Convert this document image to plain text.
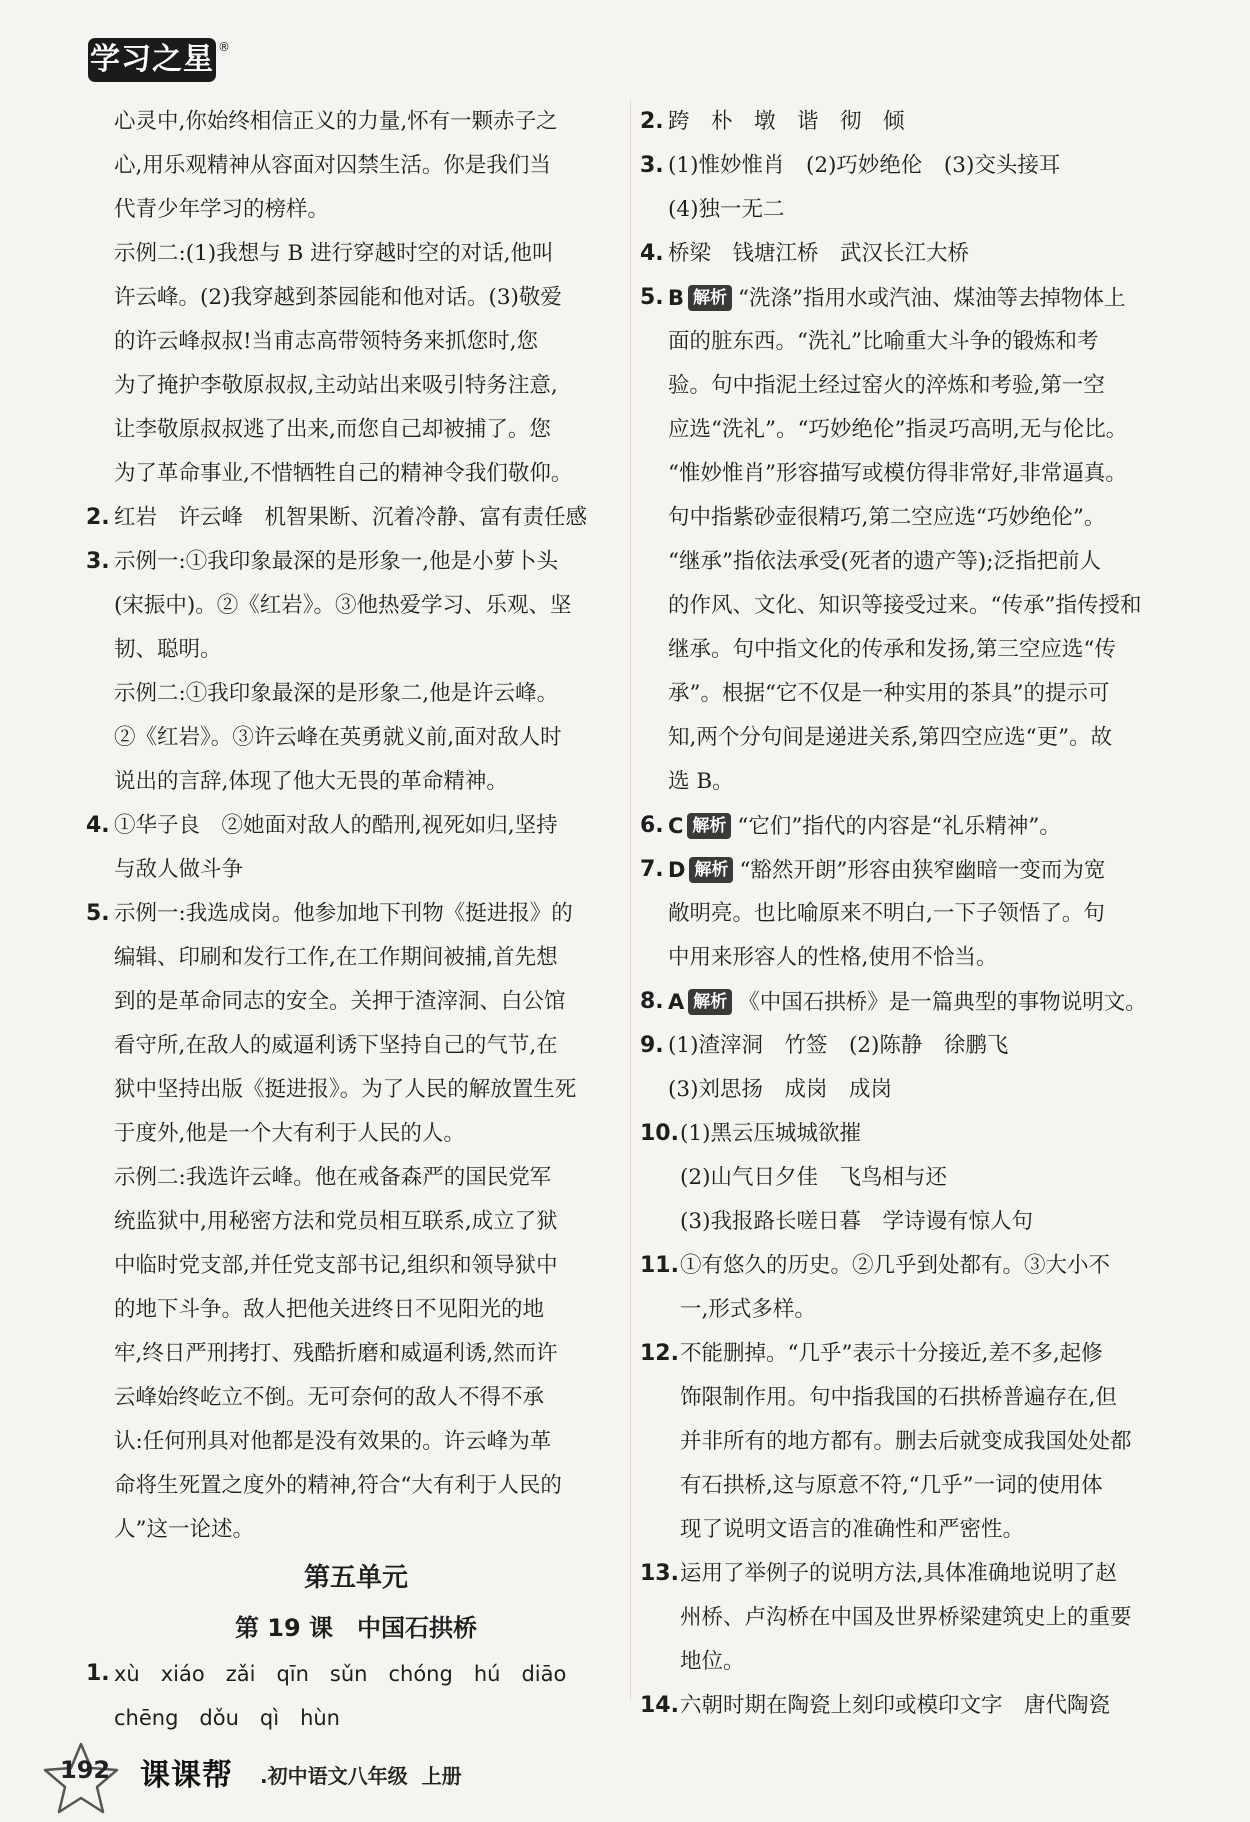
学习之星 ®
心灵中,你始终相信正义的力量,怀有一颗赤子之
心,用乐观精神从容面对囚禁生活。你是我们当
代青少年学习的榜样。
示例二:(1)我想与 B 进行穿越时空的对话,他叫
许云峰。(2)我穿越到茶园能和他对话。(3)敬爱
的许云峰叔叔!当甫志高带领特务来抓您时,您
为了掩护李敬原叔叔,主动站出来吸引特务注意,
让李敬原叔叔逃了出来,而您自己却被捕了。您
为了革命事业,不惜牺牲自己的精神令我们敬仰。
2. 红岩　许云峰　机智果断、沉着冷静、富有责任感
3. 示例一:①我印象最深的是形象一,他是小萝卜头
(宋振中)。②《红岩》。③他热爱学习、乐观、坚
韧、聪明。
示例二:①我印象最深的是形象二,他是许云峰。
②《红岩》。③许云峰在英勇就义前,面对敌人时
说出的言辞,体现了他大无畏的革命精神。
4. ①华子良　②她面对敌人的酷刑,视死如归,坚持
与敌人做斗争
5. 示例一:我选成岗。他参加地下刊物《挺进报》的
编辑、印刷和发行工作,在工作期间被捕,首先想
到的是革命同志的安全。关押于渣滓洞、白公馆
看守所,在敌人的威逼利诱下坚持自己的气节,在
狱中坚持出版《挺进报》。为了人民的解放置生死
于度外,他是一个大有利于人民的人。
示例二:我选许云峰。他在戒备森严的国民党军
统监狱中,用秘密方法和党员相互联系,成立了狱
中临时党支部,并任党支部书记,组织和领导狱中
的地下斗争。敌人把他关进终日不见阳光的地
牢,终日严刑拷打、残酷折磨和威逼利诱,然而许
云峰始终屹立不倒。无可奈何的敌人不得不承
认:任何刑具对他都是没有效果的。许云峰为革
命将生死置之度外的精神,符合“大有利于人民的
人”这一论述。
第五单元
第 19 课　中国石拱桥
1. xù　xiáo　zǎi　qīn　sǔn　chóng　hú　diāo
chēng　dǒu　qì　hùn
2. 跨　朴　墩　谐　彻　倾
3. (1)惟妙惟肖　(2)巧妙绝伦　(3)交头接耳
(4)独一无二
4. 桥梁　钱塘江桥　武汉长江大桥
5. B 解析 “洗涤”指用水或汽油、煤油等去掉物体上
面的脏东西。“洗礼”比喻重大斗争的锻炼和考
验。句中指泥土经过窑火的淬炼和考验,第一空
应选“洗礼”。“巧妙绝伦”指灵巧高明,无与伦比。
“惟妙惟肖”形容描写或模仿得非常好,非常逼真。
句中指紫砂壶很精巧,第二空应选“巧妙绝伦”。
“继承”指依法承受(死者的遗产等);泛指把前人
的作风、文化、知识等接受过来。“传承”指传授和
继承。句中指文化的传承和发扬,第三空应选“传
承”。根据“它不仅是一种实用的茶具”的提示可
知,两个分句间是递进关系,第四空应选“更”。故
选 B。
6. C 解析 “它们”指代的内容是“礼乐精神”。
7. D 解析 “豁然开朗”形容由狭窄幽暗一变而为宽
敞明亮。也比喻原来不明白,一下子领悟了。句
中用来形容人的性格,使用不恰当。
8. A 解析 《中国石拱桥》是一篇典型的事物说明文。
9. (1)渣滓洞　竹签　(2)陈静　徐鹏飞
(3)刘思扬　成岗　成岗
10. (1)黑云压城城欲摧
(2)山气日夕佳　飞鸟相与还
(3)我报路长嗟日暮　学诗谩有惊人句
11. ①有悠久的历史。②几乎到处都有。③大小不
一,形式多样。
12. 不能删掉。“几乎”表示十分接近,差不多,起修
饰限制作用。句中指我国的石拱桥普遍存在,但
并非所有的地方都有。删去后就变成我国处处都
有石拱桥,这与原意不符,“几乎”一词的使用体
现了说明文语言的准确性和严密性。
13. 运用了举例子的说明方法,具体准确地说明了赵
州桥、卢沟桥在中国及世界桥梁建筑史上的重要
地位。
14. 六朝时期在陶瓷上刻印或模印文字　唐代陶瓷
192 课课帮 .初中语文八年级 上册
